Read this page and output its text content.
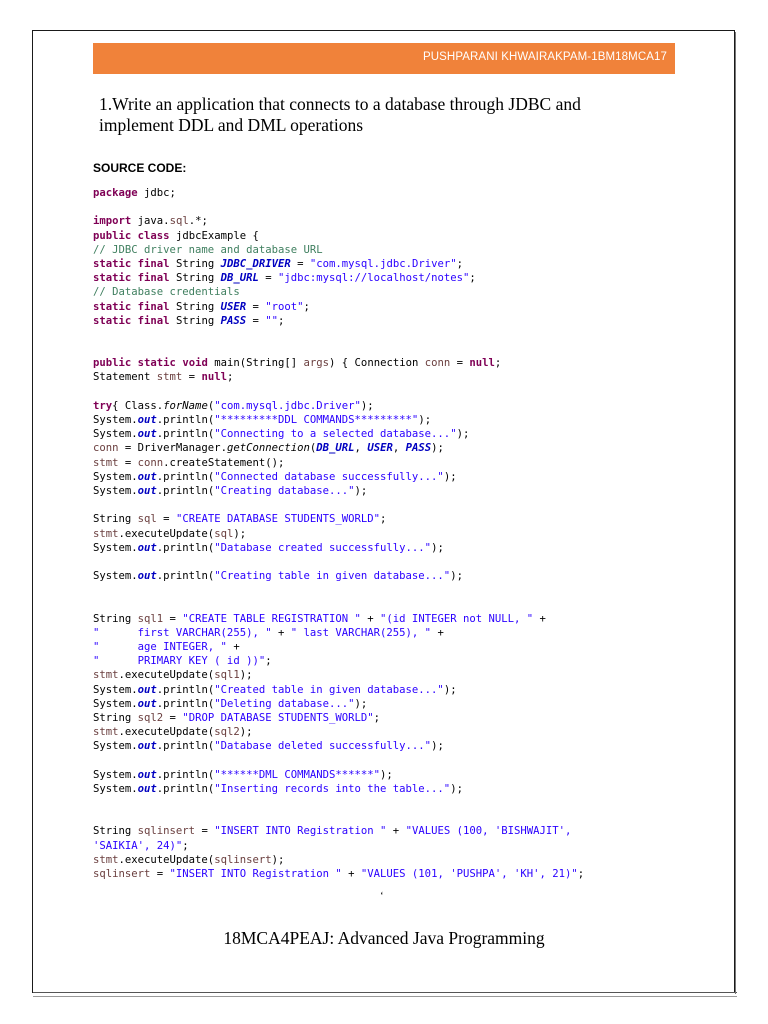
PUSHPARANI KHWAIRAKPAM-1BM18MCA17
1.Write an application that connects to a database through JDBC and implement DDL and DML operations
SOURCE CODE:
package jdbc;
import java.sql.*;
public class jdbcExample {
// JDBC driver name and database URL
static final String JDBC_DRIVER = "com.mysql.jdbc.Driver";
static final String DB_URL = "jdbc:mysql://localhost/notes";
// Database credentials
static final String USER = "root";
static final String PASS = "";
public static void main(String[] args) { Connection conn = null;
Statement stmt = null;
try{ Class.forName("com.mysql.jdbc.Driver");
System.out.println("*********DDL COMMANDS*********");
System.out.println("Connecting to a selected database...");
conn = DriverManager.getConnection(DB_URL, USER, PASS);
stmt = conn.createStatement();
System.out.println("Connected database successfully...");
System.out.println("Creating database...");
String sql = "CREATE DATABASE STUDENTS_WORLD";
stmt.executeUpdate(sql);
System.out.println("Database created successfully...");
System.out.println("Creating table in given database...");
String sql1 = "CREATE TABLE REGISTRATION " + "(id INTEGER not NULL, " +
"      first VARCHAR(255), " + " last VARCHAR(255), " +
"      age INTEGER, " +
"      PRIMARY KEY ( id ))";
stmt.executeUpdate(sql1);
System.out.println("Created table in given database...");
System.out.println("Deleting database...");
String sql2 = "DROP DATABASE STUDENTS_WORLD";
stmt.executeUpdate(sql2);
System.out.println("Database deleted successfully...");
System.out.println("******DML COMMANDS******");
System.out.println("Inserting records into the table...");
String sqlinsert = "INSERT INTO Registration " + "VALUES (100, 'BISHWAJIT',
'SAIKIA', 24)";
stmt.executeUpdate(sqlinsert);
sqlinsert = "INSERT INTO Registration " + "VALUES (101, 'PUSHPA', 'KH', 21)";
‘
18MCA4PEAJ: Advanced Java Programming
